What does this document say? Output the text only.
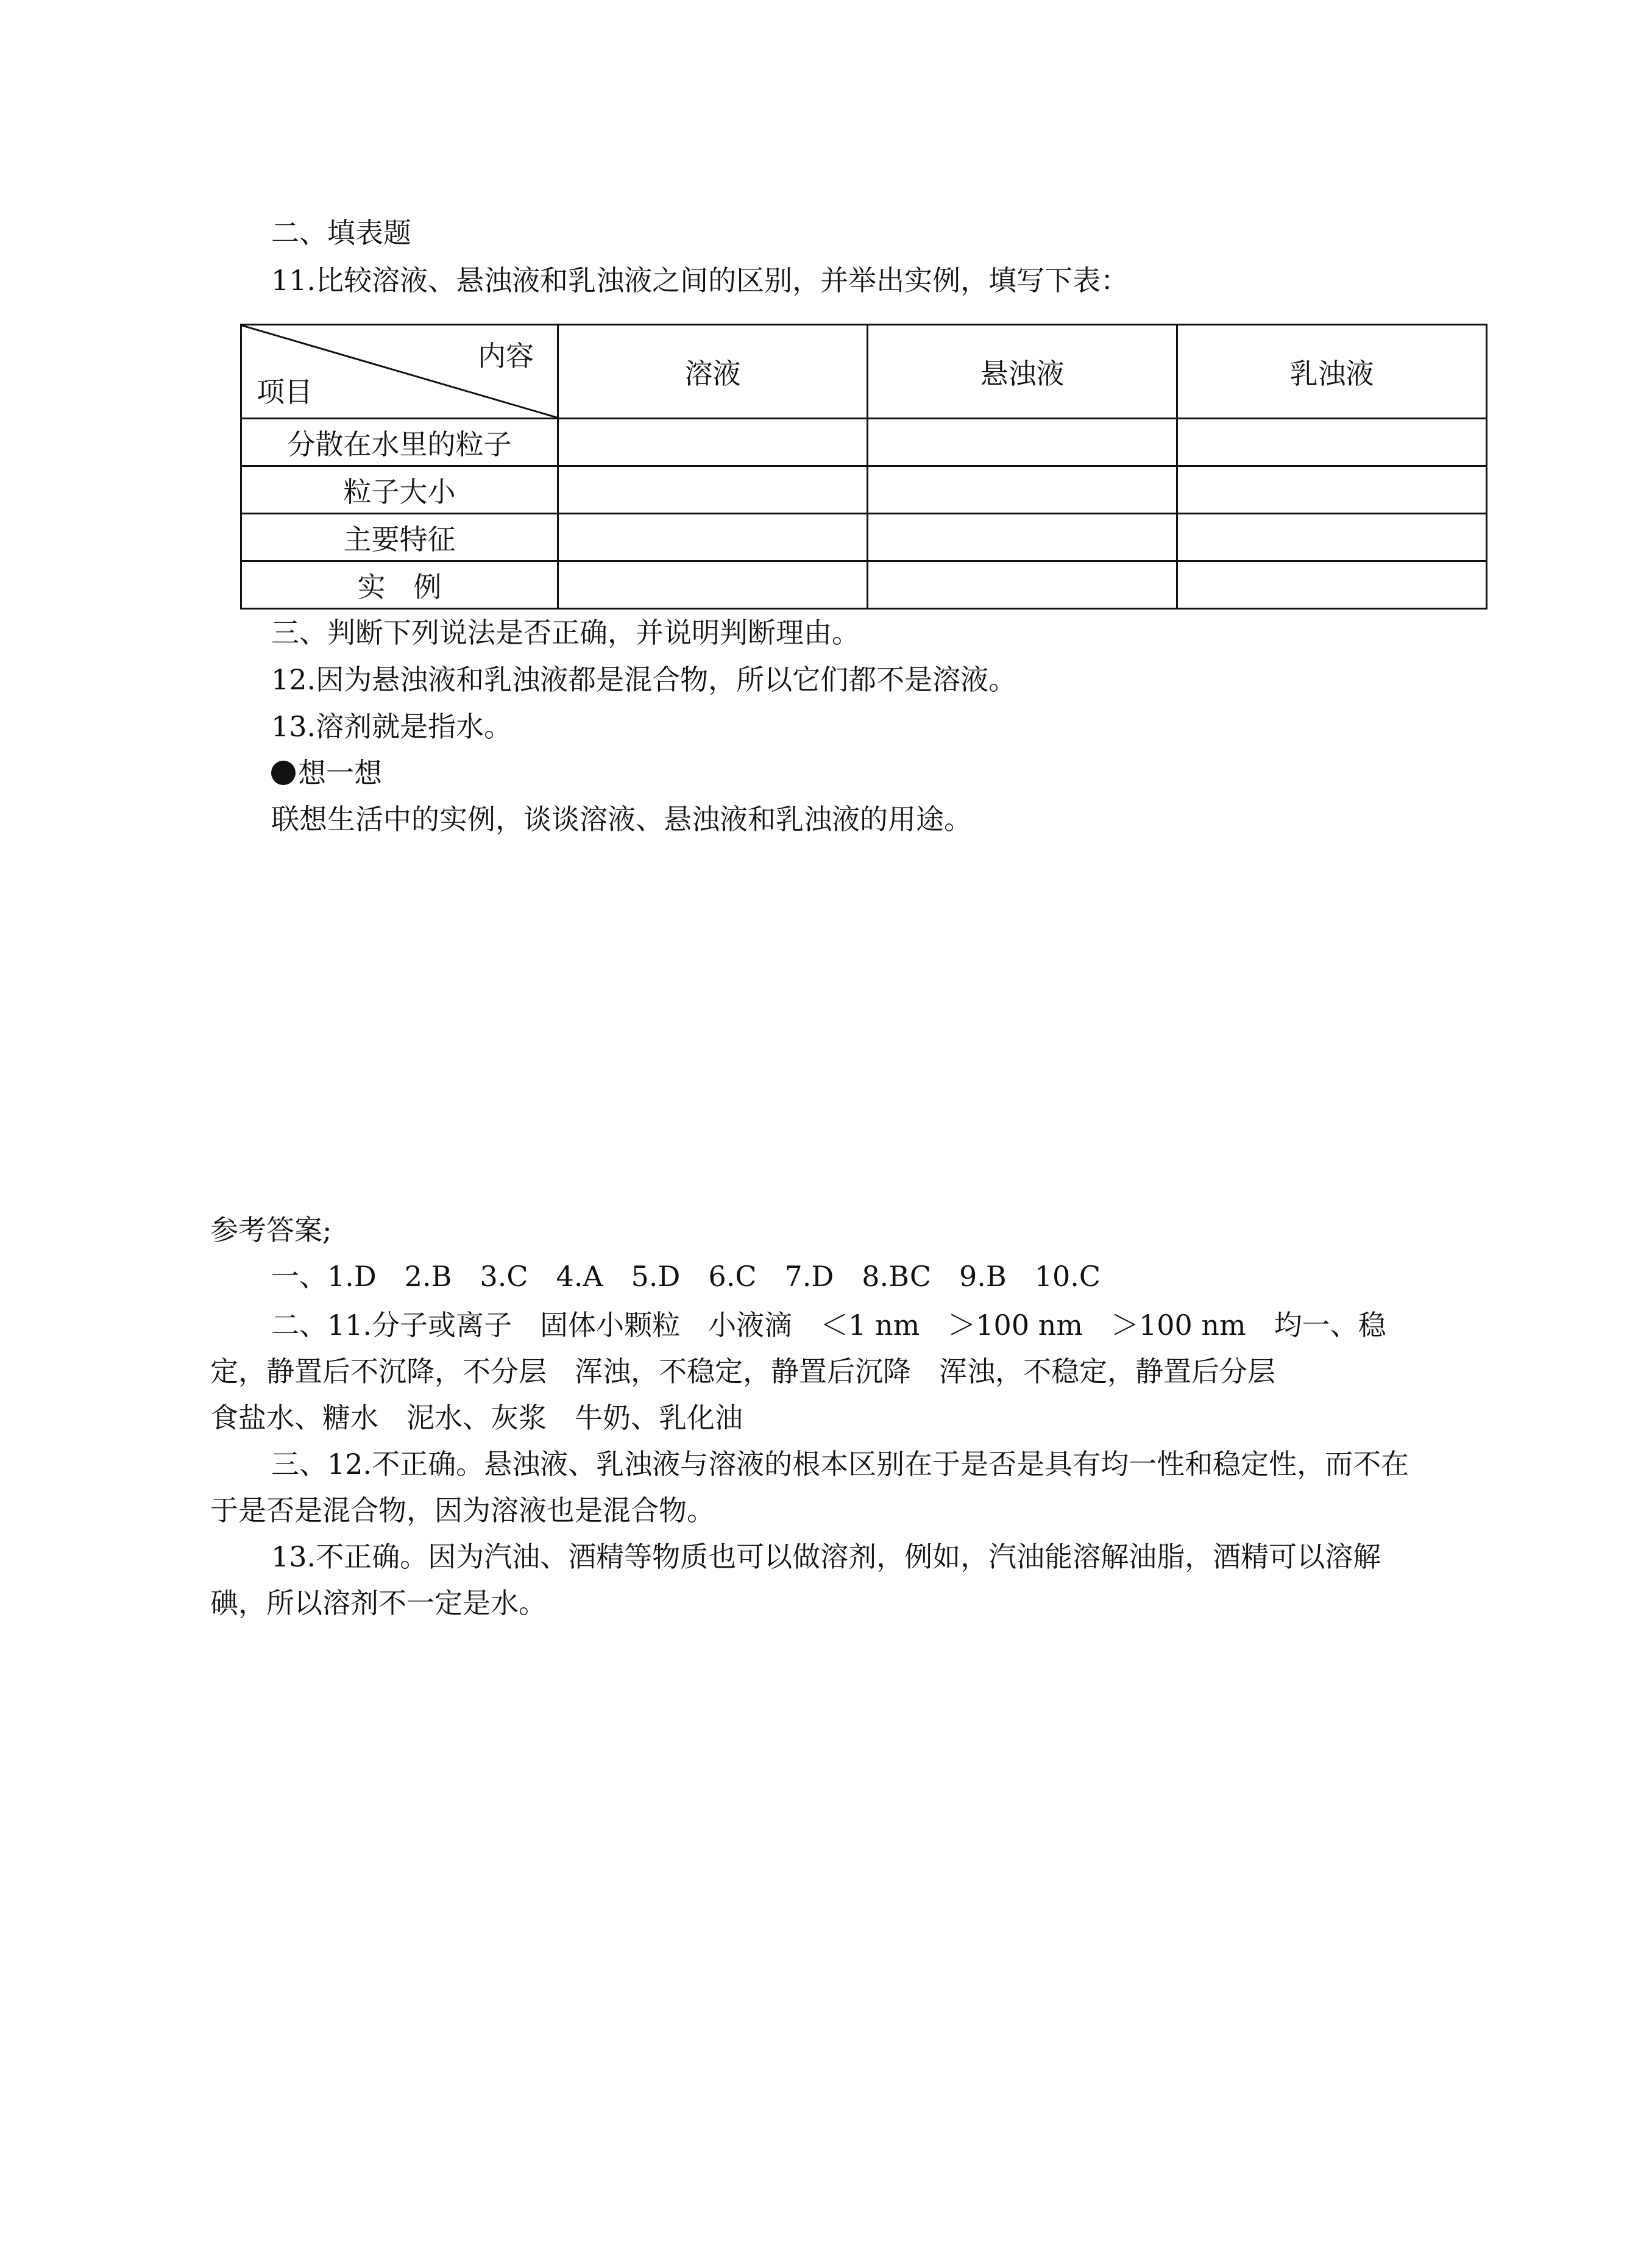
二、填表题
11.比较溶液、悬浊液和乳浊液之间的区别，并举出实例，填写下表：
内容
项目	溶液	悬浊液	乳浊液
分散在水里的粒子			
粒子大小			
主要特征			
实　例			
三、判断下列说法是否正确，并说明判断理由。
12.因为悬浊液和乳浊液都是混合物，所以它们都不是溶液。
13.溶剂就是指水。
想一想
联想生活中的实例，谈谈溶液、悬浊液和乳浊液的用途。
参考答案;
一、1.D　2.B　3.C　4.A　5.D　6.C　7.D　8.BC　9.B　10.C
二、11.分子或离子　固体小颗粒　小液滴　＜1 nm　＞100 nm　＞100 nm　均一、稳定，静置后不沉降，不分层　浑浊，不稳定，静置后沉降　浑浊，不稳定，静置后分层
食盐水、糖水　泥水、灰浆　牛奶、乳化油
三、12.不正确。悬浊液、乳浊液与溶液的根本区别在于是否是具有均一性和稳定性，而不在于是否是混合物，因为溶液也是混合物。
13.不正确。因为汽油、酒精等物质也可以做溶剂，例如，汽油能溶解油脂，酒精可以溶解碘，所以溶剂不一定是水。
